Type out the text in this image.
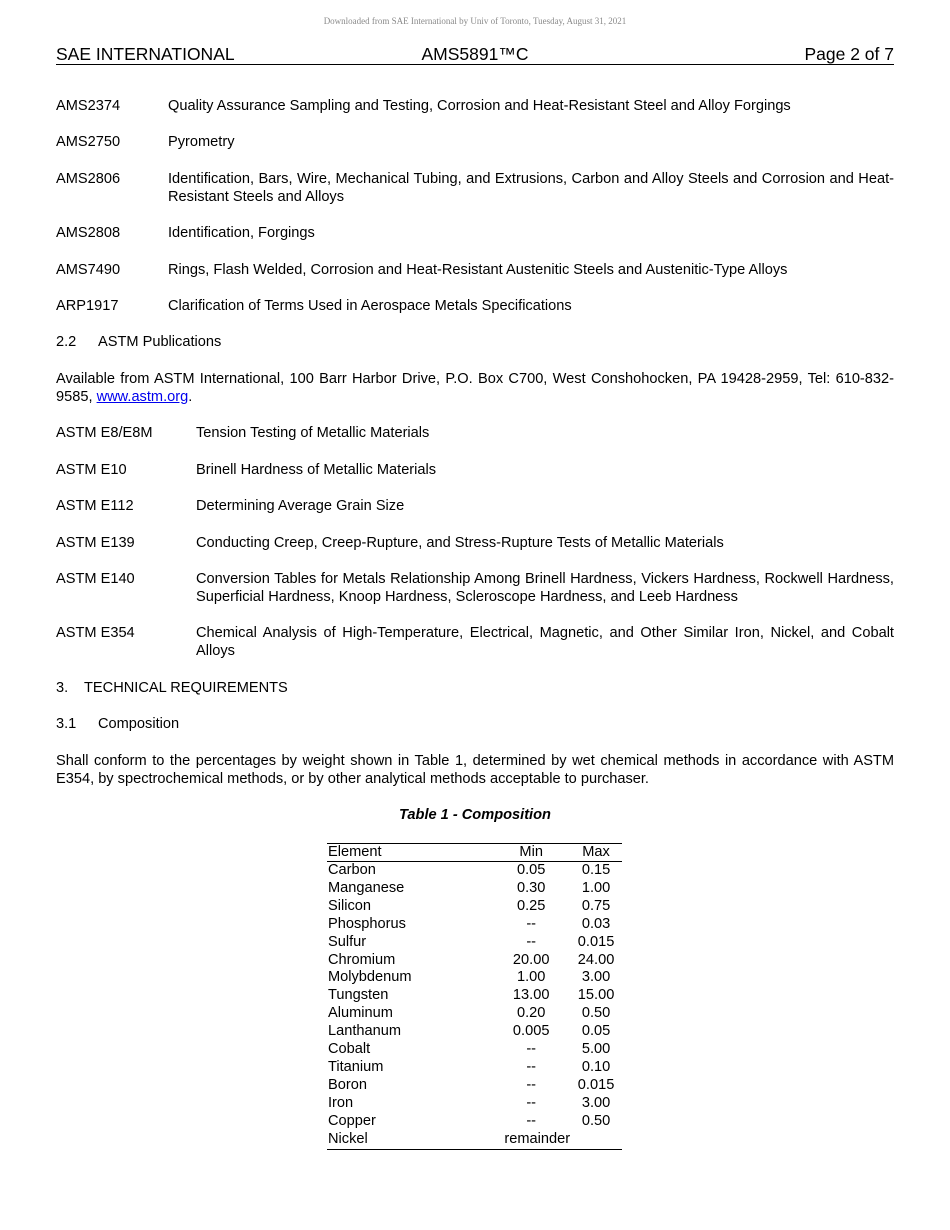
Downloaded from SAE International by Univ of Toronto, Tuesday, August 31, 2021
SAE INTERNATIONAL	AMS5891™C	Page 2 of 7
AMS2374	Quality Assurance Sampling and Testing, Corrosion and Heat-Resistant Steel and Alloy Forgings
AMS2750	Pyrometry
AMS2806	Identification, Bars, Wire, Mechanical Tubing, and Extrusions, Carbon and Alloy Steels and Corrosion and Heat-Resistant Steels and Alloys
AMS2808	Identification, Forgings
AMS7490	Rings, Flash Welded, Corrosion and Heat-Resistant Austenitic Steels and Austenitic-Type Alloys
ARP1917	Clarification of Terms Used in Aerospace Metals Specifications
2.2 ASTM Publications
Available from ASTM International, 100 Barr Harbor Drive, P.O. Box C700, West Conshohocken, PA 19428-2959, Tel: 610-832-9585, www.astm.org.
ASTM E8/E8M	Tension Testing of Metallic Materials
ASTM E10	Brinell Hardness of Metallic Materials
ASTM E112	Determining Average Grain Size
ASTM E139	Conducting Creep, Creep-Rupture, and Stress-Rupture Tests of Metallic Materials
ASTM E140	Conversion Tables for Metals Relationship Among Brinell Hardness, Vickers Hardness, Rockwell Hardness, Superficial Hardness, Knoop Hardness, Scleroscope Hardness, and Leeb Hardness
ASTM E354	Chemical Analysis of High-Temperature, Electrical, Magnetic, and Other Similar Iron, Nickel, and Cobalt Alloys
3. TECHNICAL REQUIREMENTS
3.1 Composition
Shall conform to the percentages by weight shown in Table 1, determined by wet chemical methods in accordance with ASTM E354, by spectrochemical methods, or by other analytical methods acceptable to purchaser.
Table 1 - Composition
Element	Min	Max
Carbon	0.05	0.15
Manganese	0.30	1.00
Silicon	0.25	0.75
Phosphorus	--	0.03
Sulfur	--	0.015
Chromium	20.00	24.00
Molybdenum	1.00	3.00
Tungsten	13.00	15.00
Aluminum	0.20	0.50
Lanthanum	0.005	0.05
Cobalt	--	5.00
Titanium	--	0.10
Boron	--	0.015
Iron	--	3.00
Copper	--	0.50
Nickel	remainder	
